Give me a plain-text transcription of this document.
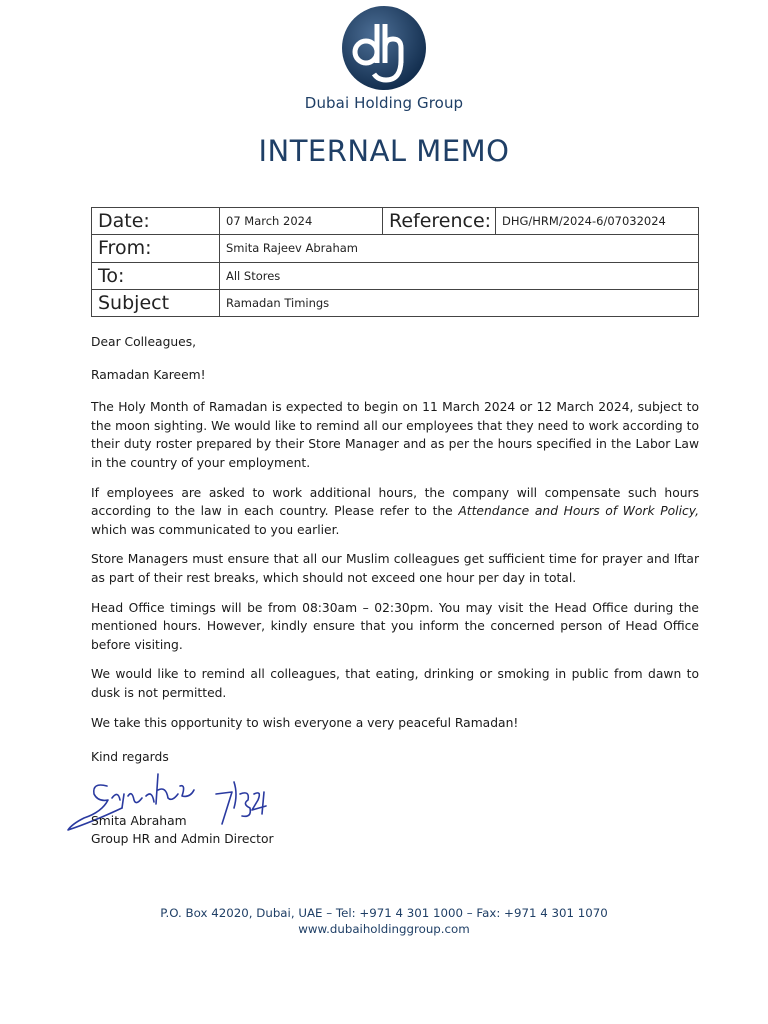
Dubai Holding Group
INTERNAL MEMO
Date:	07 March 2024	Reference:	DHG/HRM/2024-6/07032024
From:	Smita Rajeev Abraham		
To:	All Stores		
Subject	Ramadan Timings		

Dear Colleagues,

Ramadan Kareem!

The Holy Month of Ramadan is expected to begin on 11 March 2024 or 12 March 2024, subject to the moon sighting. We would like to remind all our employees that they need to work according to their duty roster prepared by their Store Manager and as per the hours specified in the Labor Law in the country of your employment.

If employees are asked to work additional hours, the company will compensate such hours according to the law in each country. Please refer to the Attendance and Hours of Work Policy, which was communicated to you earlier.

Store Managers must ensure that all our Muslim colleagues get sufficient time for prayer and Iftar as part of their rest breaks, which should not exceed one hour per day in total.

Head Office timings will be from 08:30am – 02:30pm. You may visit the Head Office during the mentioned hours. However, kindly ensure that you inform the concerned person of Head Office before visiting.

We would like to remind all colleagues, that eating, drinking or smoking in public from dawn to dusk is not permitted.

We take this opportunity to wish everyone a very peaceful Ramadan!

Kind regards
Smita Abraham
Group HR and Admin Director
P.O. Box 42020, Dubai, UAE – Tel: +971 4 301 1000 – Fax: +971 4 301 1070
www.dubaiholdinggroup.com
